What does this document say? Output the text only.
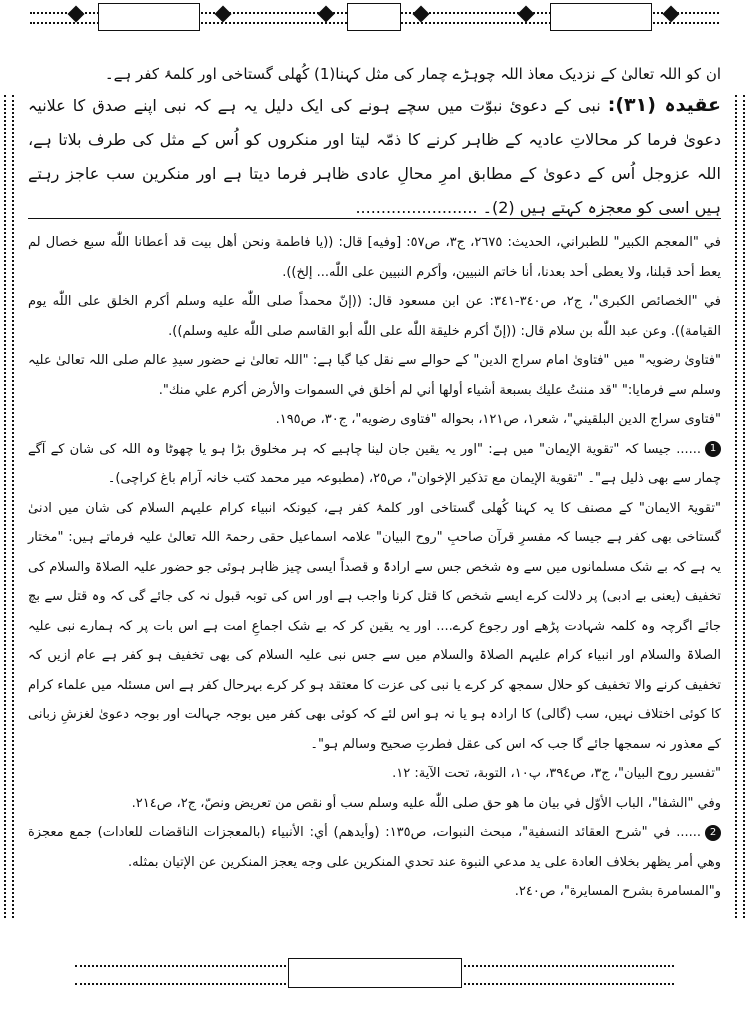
ان کو اللہ تعالیٰ کے نزدیک معاذ اللہ چوہڑے چمار کی مثل کہنا(1) کُھلی گستاخی اور کلمۂ کفر ہے۔

عقیدہ (۳۱): نبی کے دعویٔ نبوّت میں سچے ہونے کی ایک دلیل یہ ہے کہ نبی اپنے صدق کا علانیہ دعویٰ فرما کر محالاتِ عادیہ کے ظاہر کرنے کا ذمّہ لیتا اور منکروں کو اُس کے مثل کی طرف بلاتا ہے، اللہ عزوجل اُس کے دعویٰ کے مطابق امرِ محالِ عادی ظاہر فرما دیتا ہے اور منکرین سب عاجز رہتے ہیں اسی کو معجزہ کہتے ہیں (2)۔ ........................

في "المعجم الكبير" للطبراني، الحديث: ٢٦٧٥، ج٣، ص٥٧: [وفيه] قال: ((يا فاطمة ونحن أهل بيت قد أعطانا اللّٰه سبع خصال لم يعط أحد قبلنا، ولا يعطى أحد بعدنا، أنا خاتم النبيين، وأكرم النبيين على اللّٰه... إلخ)).

في "الخصائص الكبرى"، ج٢، ص٣٤٠-٣٤١: عن ابن مسعود قال: ((إنّ محمداً صلى اللّٰه عليه وسلم أكرم الخلق على اللّٰه يوم القيامة)). وعن عبد اللّٰه بن سلام قال: ((إنّ أكرم خليقة اللّٰه على اللّٰه أبو القاسم صلى اللّٰه عليه وسلم)).

"فتاویٰ رضویہ" میں "فتاویٰ امام سراج الدین" کے حوالے سے نقل کیا گیا ہے: "اللہ تعالیٰ نے حضور سیدِ عالم صلی اللہ تعالیٰ علیہ وسلم سے فرمایا:" "قد مننتُ عليك بسبعة أشياء أولها أني لم أخلق في السموات والأرض أكرم علي منك".

"فتاوى سراج الدين البلقيني"، شعر١، ص١٢١، بحواله "فتاوى رضويه"، ج٣٠، ص١٩٥.

1...... جیسا کہ "تقوية الإيمان" میں ہے: "اور یہ یقین جان لینا چاہیے کہ ہر مخلوق بڑا ہو یا چھوٹا وہ اللہ کی شان کے آگے چمار سے بھی ذلیل ہے"۔ "تقوية الإيمان مع تذكير الإخوان"، ص٢٥، (مطبوعہ میر محمد کتب خانہ آرام باغ کراچی)۔

"تقویۃ الایمان" کے مصنف کا یہ کہنا کُھلی گستاخی اور کلمۂ کفر ہے، کیونکہ انبیاء کرام علیہم السلام کی شان میں ادنیٰ گستاخی بھی کفر ہے جیسا کہ مفسرِ قرآن صاحبِ "روح البیان" علامہ اسماعیل حقی رحمۃ اللہ تعالیٰ علیہ فرماتے ہیں: "مختار یہ ہے کہ بے شک مسلمانوں میں سے وہ شخص جس سے ارادۃً و قصداً ایسی چیز ظاہر ہوئی جو حضور علیہ الصلاۃ والسلام کی تخفیف (یعنی بے ادبی) پر دلالت کرے ایسے شخص کا قتل کرنا واجب ہے اور اس کی توبہ قبول نہ کی جائے گی کہ وہ قتل سے بچ جائے اگرچہ وہ کلمہ شہادت پڑھے اور رجوع کرے.... اور یہ یقین کر کہ بے شک اجماعِ امت ہے اس بات پر کہ ہمارے نبی علیہ الصلاۃ والسلام اور انبیاء کرام علیہم الصلاۃ والسلام میں سے جس نبی علیہ السلام کی بھی تخفیف ہو کفر ہے عام ازیں کہ تخفیف کرنے والا تخفیف کو حلال سمجھ کر کرے یا نبی کی عزت کا معتقد ہو کر کرے بہرحال کفر ہے اس مسئلہ میں علماء کرام کا کوئی اختلاف نہیں، سب (گالی) کا ارادہ ہو یا نہ ہو اس لئے کہ کوئی بھی کفر میں بوجہ جہالت اور بوجہ دعویٰ لغزشِ زبانی کے معذور نہ سمجھا جائے گا جب کہ اس کی عقل فطرتِ صحیح وسالم ہو"۔

"تفسير روح البيان"، ج٣، ص٣٩٤، پ١٠، التوبة، تحت الآية: ١٢.

وفي "الشفا"، الباب الأوّل في بيان ما هو حق صلى اللّٰه عليه وسلم سب أو نقص من تعريض ونصّ، ج٢، ص٢١٤.

2...... في "شرح العقائد النسفية"، مبحث النبوات، ص١٣٥: (وأيدهم) أي: الأنبياء (بالمعجزات الناقضات للعادات) جمع معجزة وهي أمر يظهر بخلاف العادة على يد مدعي النبوة عند تحدي المنكرين على وجه يعجز المنكرين عن الإتيان بمثله.

و"المسامرة بشرح المسايرة"، ص٢٤٠.
